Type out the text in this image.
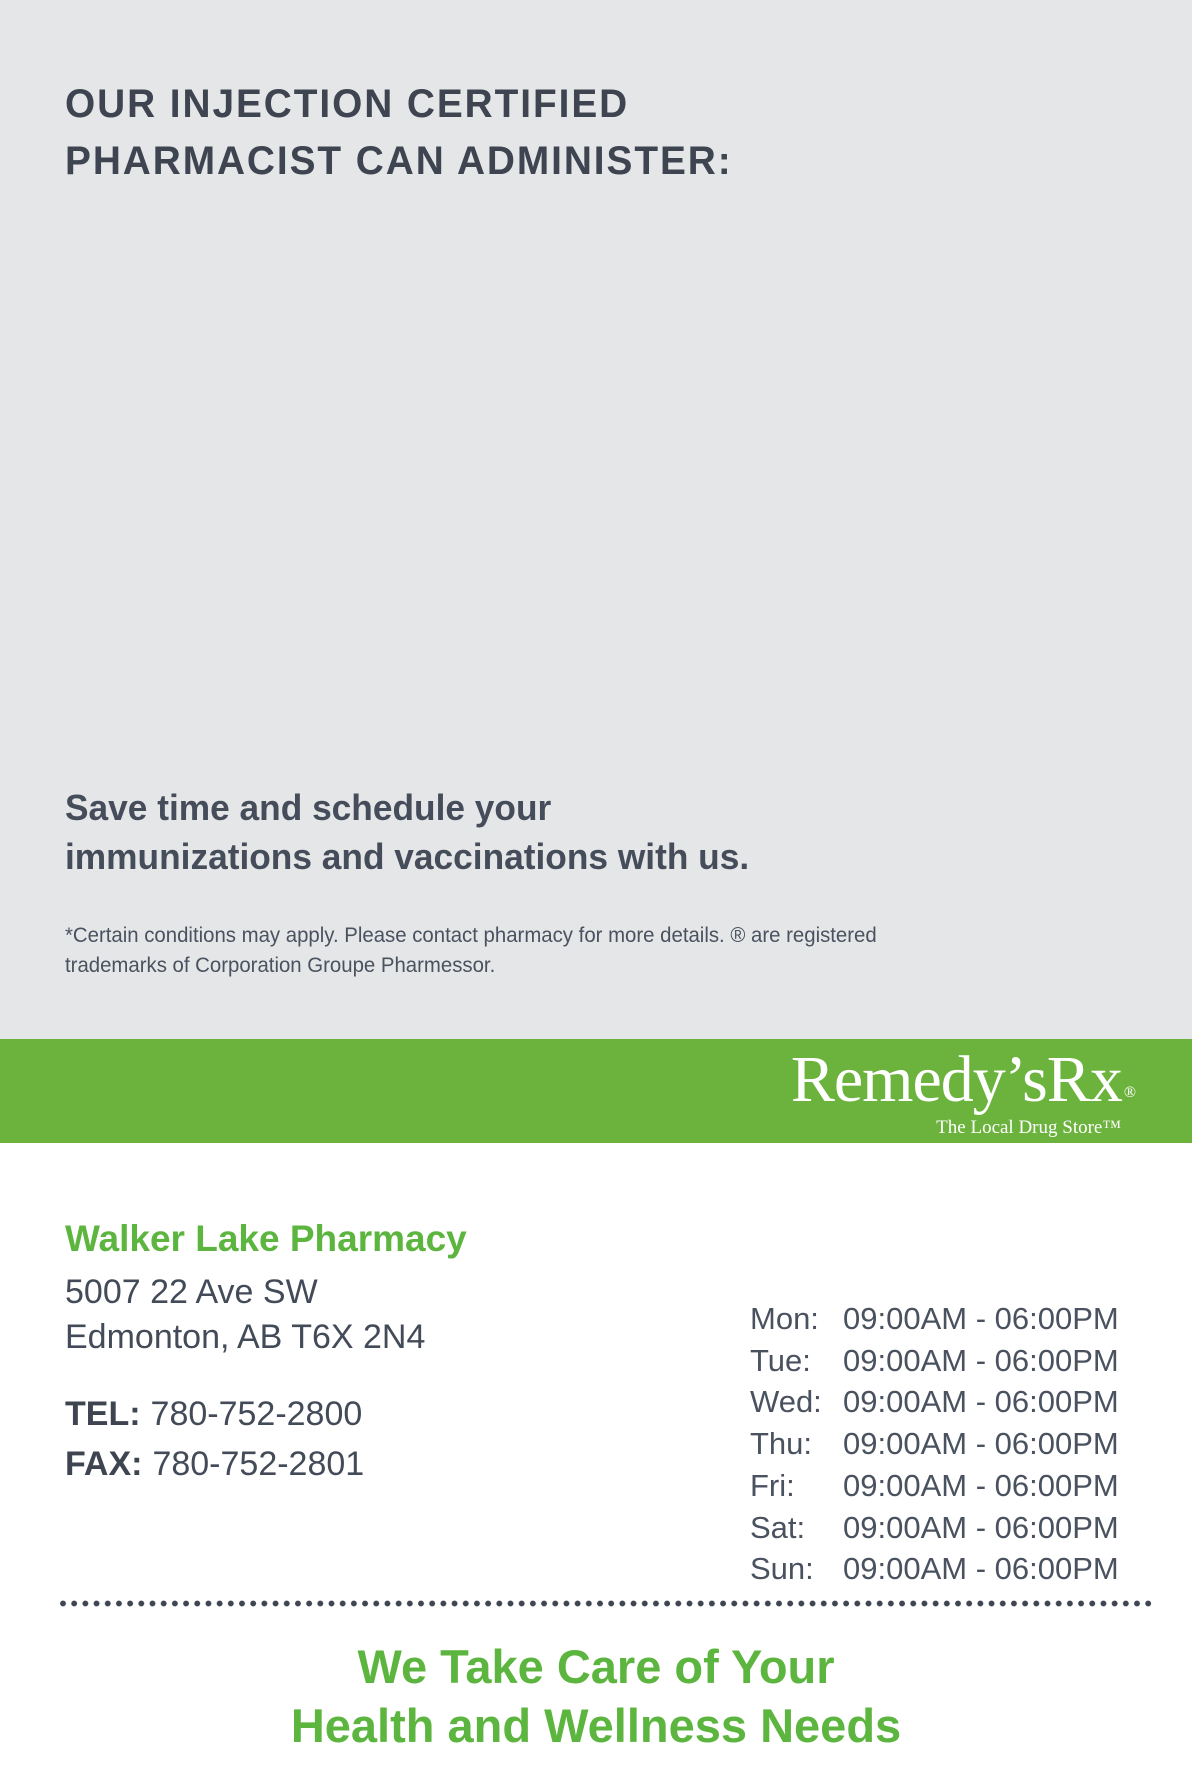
OUR INJECTION CERTIFIED
PHARMACIST CAN ADMINISTER:
Save time and schedule your
immunizations and vaccinations with us.
*Certain conditions may apply. Please contact pharmacy for more details. ® are registered trademarks of Corporation Groupe Pharmessor.
Remedy’sRx ®
The Local Drug Store™
Walker Lake Pharmacy
5007 22 Ave SW
Edmonton, AB T6X 2N4
TEL: 780-752-2800
FAX: 780-752-2801
Mon: 09:00AM - 06:00PM
Tue: 09:00AM - 06:00PM
Wed: 09:00AM - 06:00PM
Thu: 09:00AM - 06:00PM
Fri: 09:00AM - 06:00PM
Sat: 09:00AM - 06:00PM
Sun: 09:00AM - 06:00PM
We Take Care of Your
Health and Wellness Needs
